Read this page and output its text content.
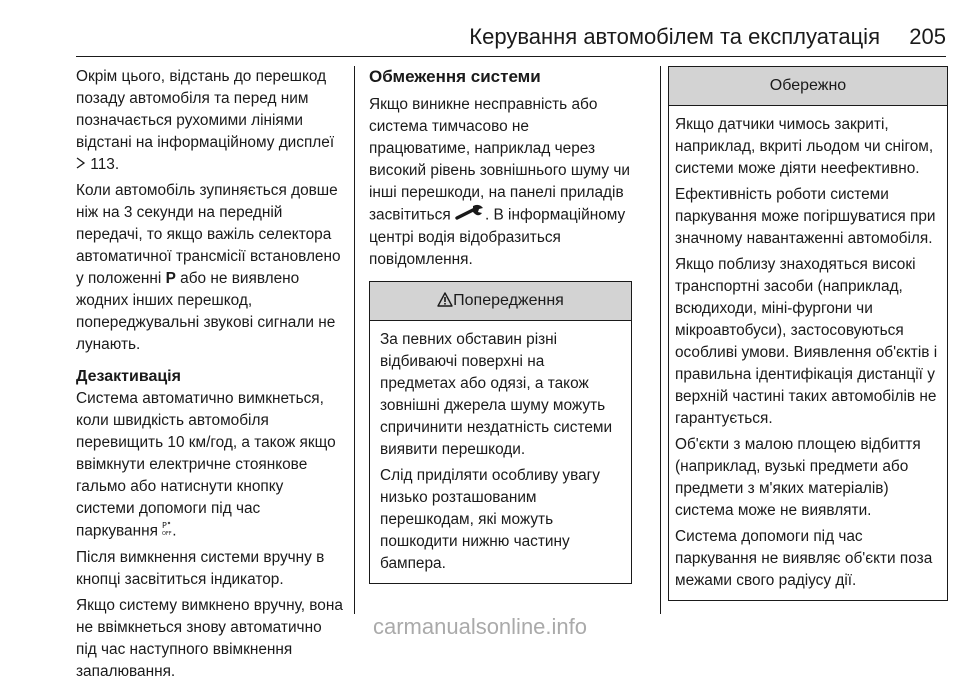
Керування автомобілем та експлуатація	205

Окрім цього, відстань до перешкод позаду автомобіля та перед ним позначається рухомими лініями відстані на інформаційному дисплеї  113.

Коли автомобіль зупиняється довше ніж на 3 секунди на передній передачі, то якщо важіль селектора автоматичної трансмісії встановлено у положенні P або не виявлено жодних інших перешкод, попереджувальні звукові сигнали не лунають.

Дезактивація
Система автоматично вимкнеться, коли швидкість автомобіля перевищить 10 км/год, а також якщо ввімкнути електричне стоянкове гальмо або натиснути кнопку системи допомоги під час паркування P
OFF .

Після вимкнення системи вручну в кнопці засвітиться індикатор.

Якщо систему вимкнено вручну, вона не ввімкнеться знову автоматично під час наступного ввімкнення запалювання.

Обмеження системи

Якщо виникне несправність або система тимчасово не працюватиме, наприклад через високий рівень зовнішнього шуму чи інші перешкоди, на панелі приладів засвітиться . В інформаційному центрі водія відобразиться повідомлення.

Попередження

За певних обставин різні відбиваючі поверхні на предметах або одязі, а також зовнішні джерела шуму можуть спричинити нездатність системи виявити перешкоди.

Слід приділяти особливу увагу низько розташованим перешкодам, які можуть пошкодити нижню частину бампера.

Обережно

Якщо датчики чимось закриті, наприклад, вкриті льодом чи снігом, системи може діяти неефективно.

Ефективність роботи системи паркування може погіршуватися при значному навантаженні автомобіля.

Якщо поблизу знаходяться високі транспортні засоби (наприклад, всюдиходи, міні-фургони чи мікроавтобуси), застосовуються особливі умови. Виявлення об'єктів і правильна ідентифікація дистанції у верхній частині таких автомобілів не гарантується.

Об'єкти з малою площею відбиття (наприклад, вузькі предмети або предмети з м'яких матеріалів) система може не виявляти.

Система допомоги під час паркування не виявляє об'єкти поза межами свого радіусу дії.

carmanualsonline.info
